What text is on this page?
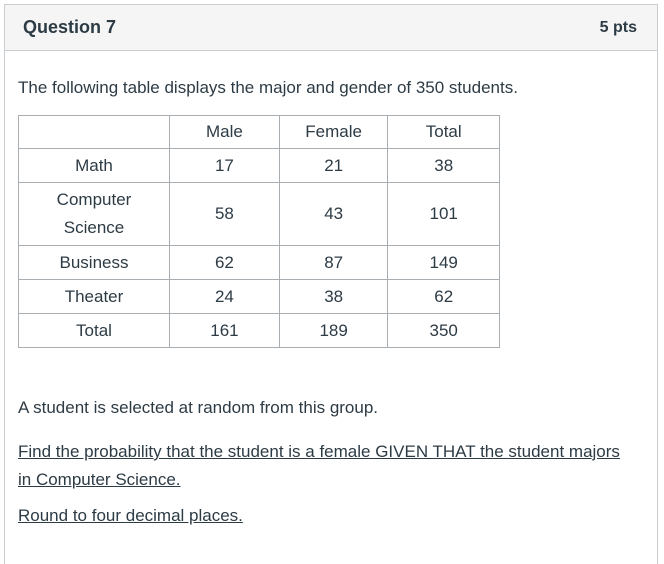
Question 7	5 pts
The following table displays the major and gender of 350 students.
	Male	Female	Total
Math	17	21	38
Computer Science	58	43	101
Business	62	87	149
Theater	24	38	62
Total	161	189	350
A student is selected at random from this group.
Find the probability that the student is a female GIVEN THAT the student majors in Computer Science.
Round to four decimal places.
